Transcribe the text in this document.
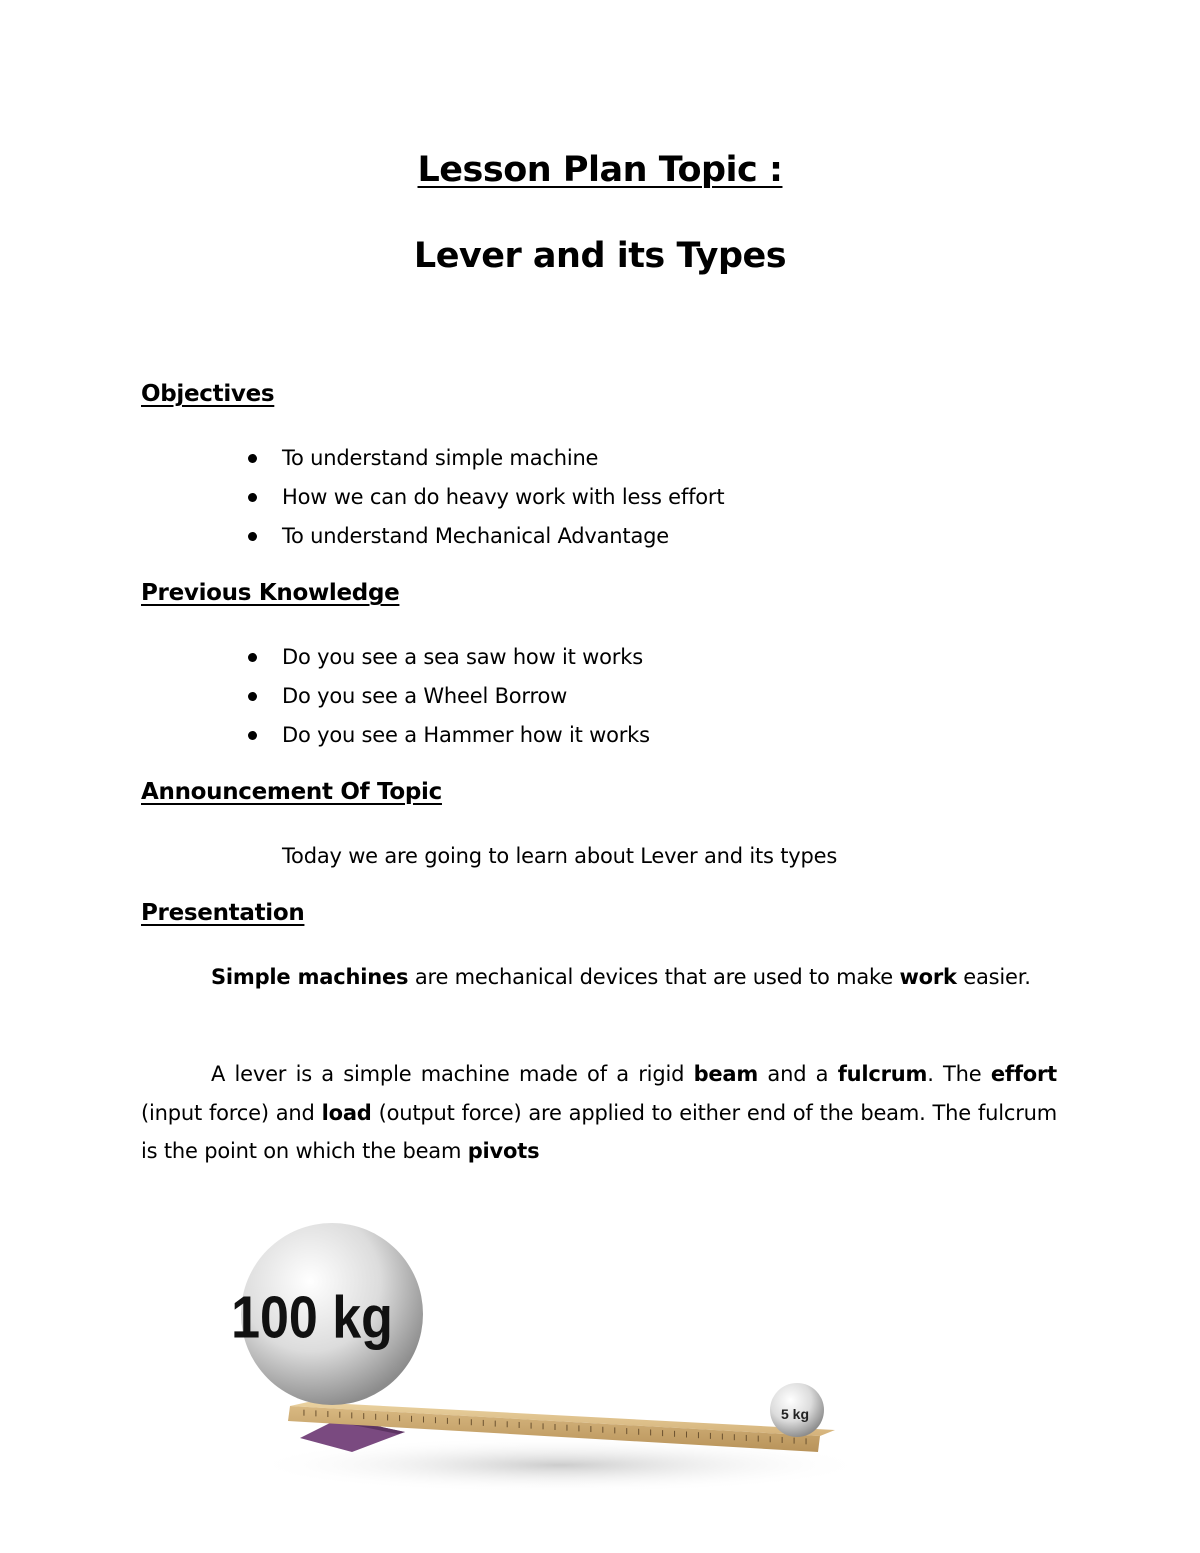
Lesson Plan Topic :
Lever and its Types
Objectives
To understand simple machine
How we can do heavy work with less effort
To understand Mechanical Advantage
Previous Knowledge
Do you see a sea saw how it works
Do you see a Wheel Borrow
Do you see a Hammer how it works
Announcement Of Topic
Today we are going to learn about Lever and its types
Presentation
Simple machines are mechanical devices that are used to make work easier.
A lever is a simple machine made of a rigid beam and a fulcrum. The effort (input force) and load (output force) are applied to either end of the beam. The fulcrum is the point on which the beam pivots
100 kg
5 kg
